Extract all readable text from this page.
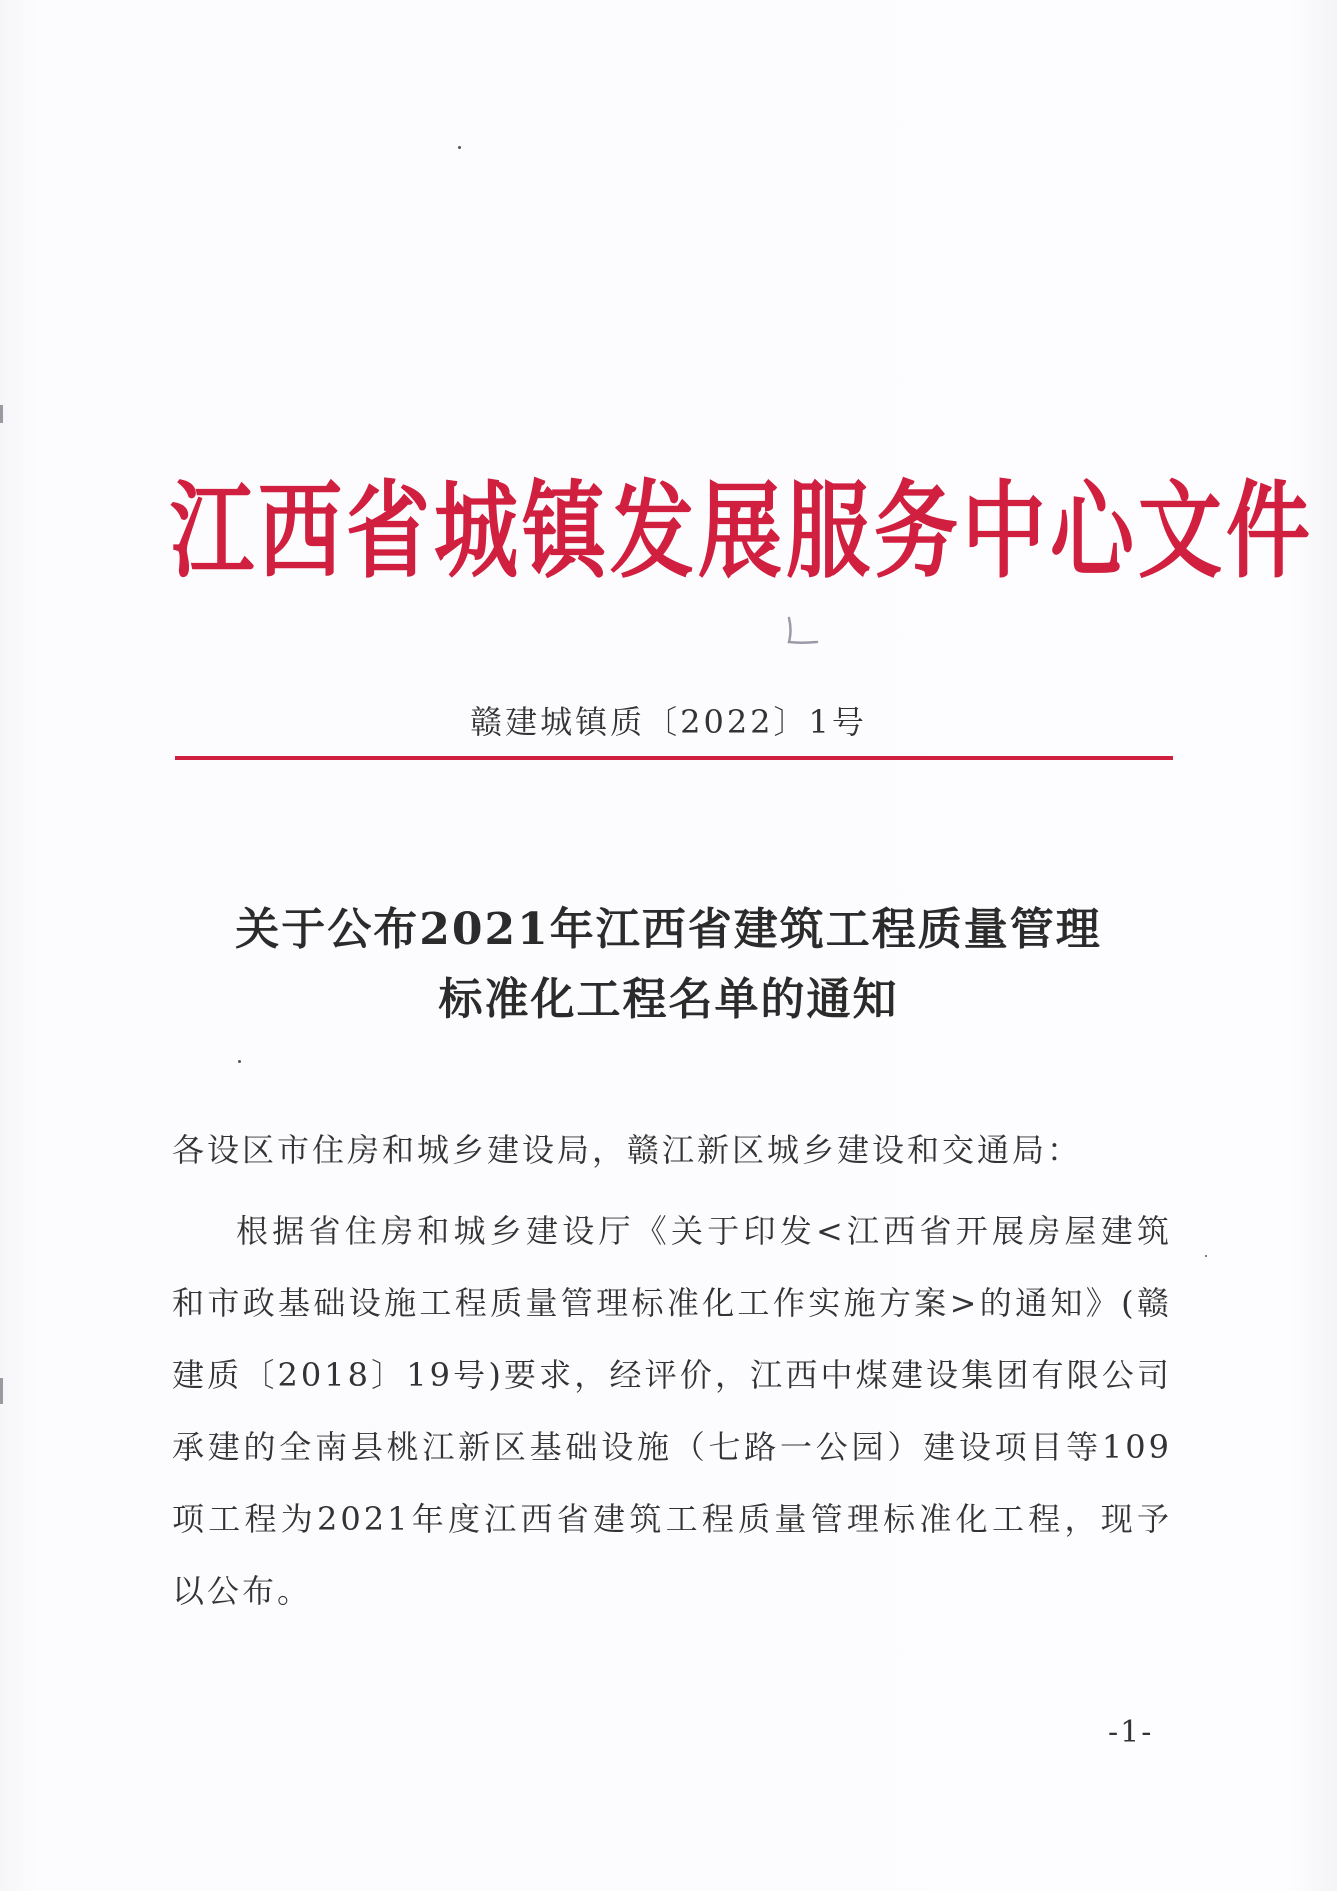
江西省城镇发展服务中心文件
赣建城镇质〔2022〕1号
关于公布2021年江西省建筑工程质量管理
标准化工程名单的通知
各设区市住房和城乡建设局，赣江新区城乡建设和交通局：

根据省住房和城乡建设厅《关于印发<江西省开展房屋建筑和市政基础设施工程质量管理标准化工作实施方案>的通知》(赣建质〔2018〕19号)要求，经评价，江西中煤建设集团有限公司承建的全南县桃江新区基础设施（七路一公园）建设项目等109项工程为2021年度江西省建筑工程质量管理标准化工程，现予以公布。

-1-
